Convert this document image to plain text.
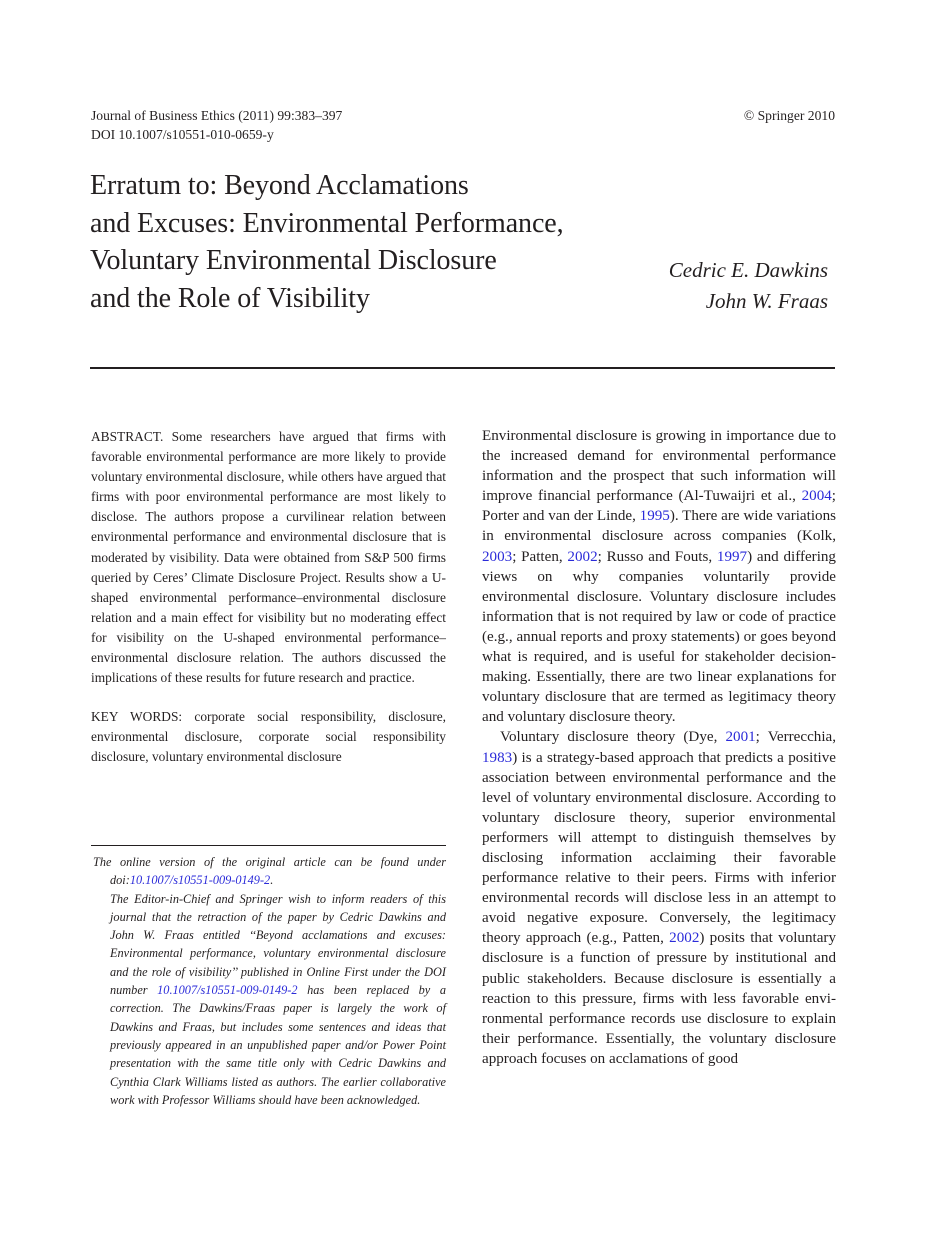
Journal of Business Ethics (2011) 99:383–397
DOI 10.1007/s10551-010-0659-y
© Springer 2010
Erratum to: Beyond Acclamations
and Excuses: Environmental Performance,
Voluntary Environmental Disclosure
and the Role of Visibility
Cedric E. Dawkins
John W. Fraas

ABSTRACT. Some researchers have argued that firms with favorable environmental performance are more likely to provide voluntary environmental disclosure, while others have argued that firms with poor environmental performance are most likely to disclose. The authors propose a curvilinear relation between environmental performance and environmental disclosure that is moderated by visibility. Data were obtained from S&P 500 firms queried by Ceres’ Climate Disclosure Project. Results show a U-shaped environmental performance–environmental disclosure relation and a main effect for visibility but no moderating effect for visibility on the U-shaped environmental performance–environmental disclosure relation. The authors discussed the implications of these results for future research and practice.

KEY WORDS: corporate social responsibility, disclosure, environmental disclosure, corporate social responsibility disclosure, voluntary environmental disclosure

The online version of the original article can be found under doi:10.1007/s10551-009-0149-2.

The Editor-in-Chief and Springer wish to inform readers of this journal that the retraction of the paper by Cedric Dawkins and John W. Fraas entitled ‘‘Beyond acclamations and excuses: Environmental performance, voluntary environmental disclosure and the role of visibility’’ published in Online First under the DOI number 10.1007/s10551-009-0149-2 has been replaced by a correction. The Dawkins/Fraas paper is largely the work of Dawkins and Fraas, but includes some sentences and ideas that previously appeared in an unpublished paper and/or Power Point presentation with the same title only with Cedric Dawkins and Cynthia Clark Williams listed as authors. The earlier collaborative work with Professor Williams should have been acknowledged.

Environmental disclosure is growing in importance due to the increased demand for environmental performance information and the prospect that such information will improve financial performance (Al-Tuwaijri et al., 2004; Porter and van der Linde, 1995). There are wide variations in environmental disclosure across companies (Kolk, 2003; Patten, 2002; Russo and Fouts, 1997) and differing views on why companies voluntarily provide environmental disclosure. Voluntary disclosure includes information that is not required by law or code of practice (e.g., annual reports and proxy statements) or goes beyond what is required, and is useful for stakeholder decision-making. Essentially, there are two linear explanations for voluntary disclosure that are termed as legitimacy theory and voluntary disclosure theory.

Voluntary disclosure theory (Dye, 2001; Verrecchia, 1983) is a strategy-based approach that predicts a positive association between environmental performance and the level of voluntary environmental disclosure. According to voluntary disclosure theory, superior environmental performers will attempt to distinguish themselves by disclosing information acclaiming their favorable performance relative to their peers. Firms with inferior environmental records will disclose less in an attempt to avoid negative exposure. Conversely, the legitimacy theory approach (e.g., Patten, 2002) posits that voluntary disclosure is a function of pressure by institutional and public stakeholders. Because disclosure is essentially a reaction to this pressure, firms with less favorable environmental performance records use disclosure to explain their performance. Essentially, the voluntary disclosure approach focuses on acclamations of good
